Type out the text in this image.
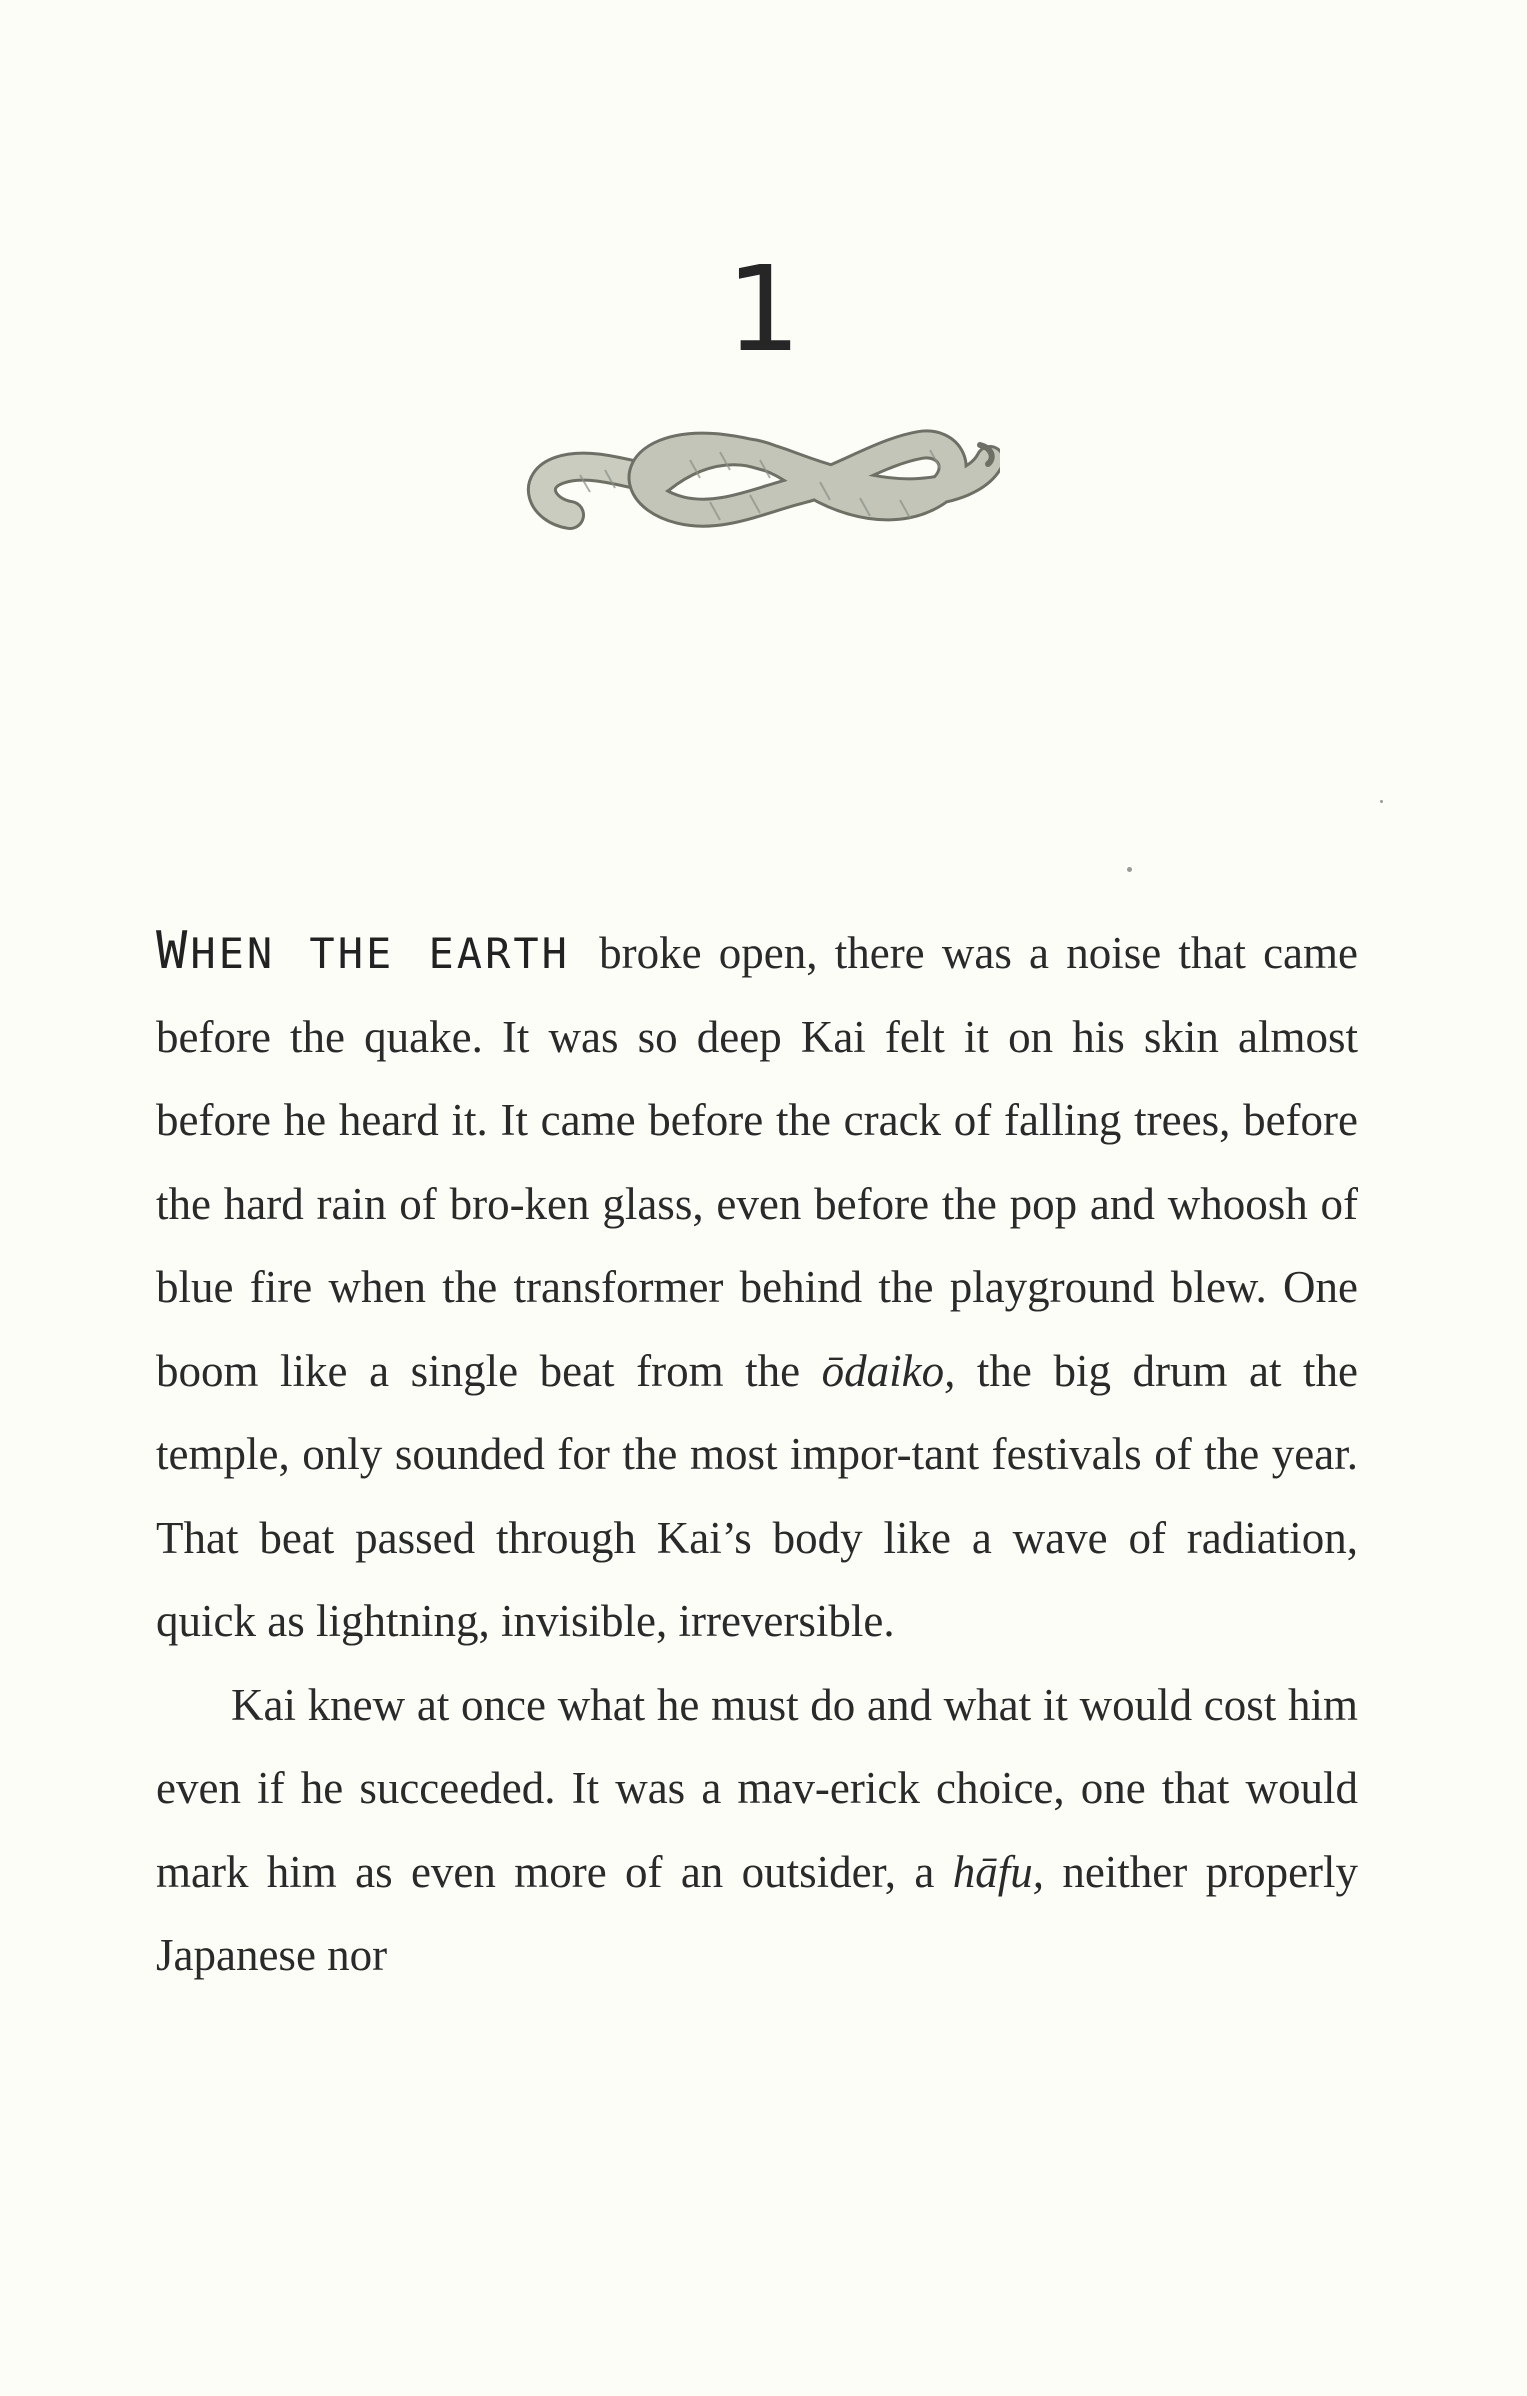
1

WHEN THE EARTH broke open, there was a noise that came before the quake. It was so deep Kai felt it on his skin almost before he heard it. It came before the crack of falling trees, before the hard rain of bro-ken glass, even before the pop and whoosh of blue fire when the transformer behind the playground blew. One boom like a single beat from the ōdaiko, the big drum at the temple, only sounded for the most impor-tant festivals of the year. That beat passed through Kai’s body like a wave of radiation, quick as lightning, invisible, irreversible.

Kai knew at once what he must do and what it would cost him even if he succeeded. It was a mav-erick choice, one that would mark him as even more of an outsider, a hāfu, neither properly Japanese nor
